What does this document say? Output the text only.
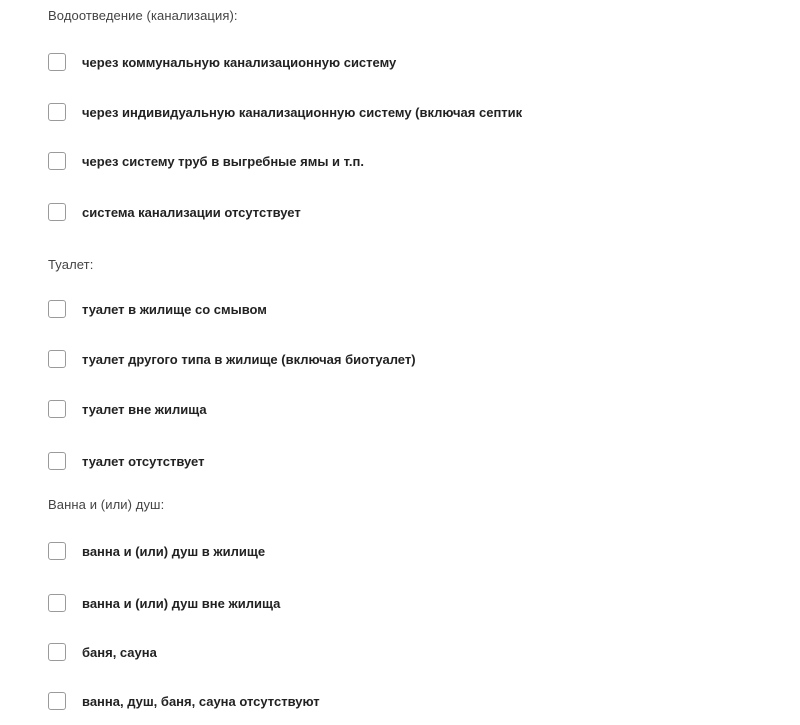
Водоотведение (канализация):
через коммунальную канализационную систему
через индивидуальную канализационную систему (включая септик
через систему труб в выгребные ямы и т.п.
система канализации отсутствует
Туалет:
туалет в жилище со смывом
туалет другого типа в жилище (включая биотуалет)
туалет вне жилища
туалет отсутствует
Ванна и (или) душ:
ванна и (или) душ в жилище
ванна и (или) душ вне жилища
баня, сауна
ванна, душ, баня, сауна отсутствуют
